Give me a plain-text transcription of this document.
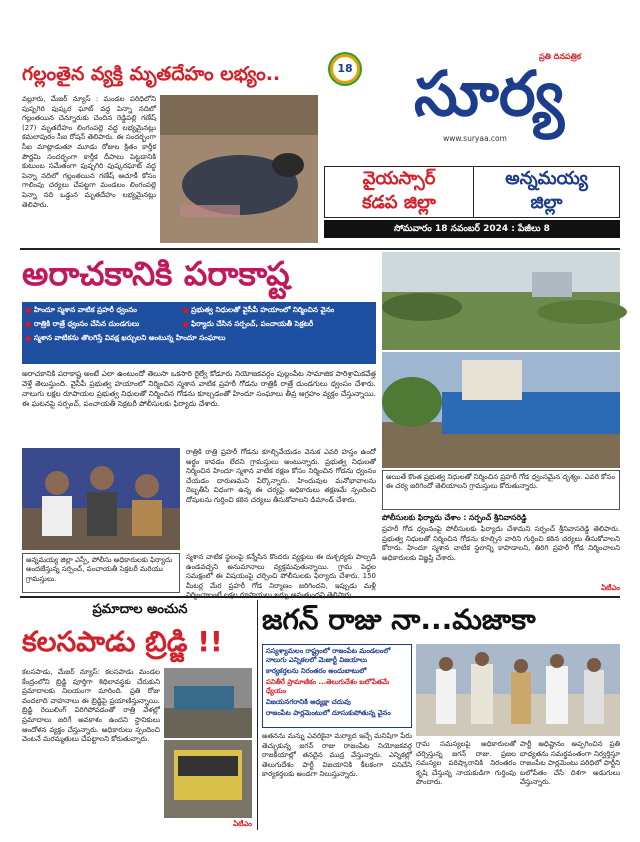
గల్లంతైన వ్యక్తి మృతదేహం లభ్యం..
వల్లూరు, మేజర్ న్యూస్ : మండల పరిధిలోని పుష్పగిరి పుష్కర ఘాట్ వద్ద పెన్నా నదిలో గల్లంతయిన చెన్నూరుకు చెందిన రెడ్డిపల్లి గణేష్ (27) మృతదేహం లింగంపల్లె వద్ద లభ్యమైనట్లు కమలాపురం సీఐ రోషన్ తెలిపారు. ఈ సందర్భంగా సీఐ మాట్లాడుతూ మూడు రోజుల క్రితం కార్తీక పౌర్ణమి సందర్భంగా కార్తీక దీపాలు పెట్టడానికి కుటుంబ సమేతంగా పుష్పగిరి పుష్కరఘాట్ వద్ద పెన్నా నదిలో గల్లంతయిన గణేష్ ఆచూకీ కోసం గాలింపు చర్యలు చేపట్టగా మండలం లింగంపల్లె పెన్నా నది ఒడ్డున మృతదేహం లభ్యమైనట్లు తెలిపారు.
18
ప్రతి దినపత్రిక
సూర్య
www.suryaa.com
వైయస్సార్
కడప జిల్లా
అన్నమయ్య
జిల్లా
సోమవారం 18 నవంబర్ 2024 : పేజీలు 8
అరాచకానికి పరాకాష్ట
హిందూ స్మశాన వాటిక ప్రహరీ ధ్వంసం	ప్రభుత్వ నిధులతో వైసీపీ హయాంలో నిర్మించిన వైనం
రాత్రికి రాత్రే ధ్వంసం చేసిన దుండగులు	ఫిర్యాదు చేసిన సర్పంచ్, పంచాయతీ సెక్రటరీ
స్మశాన వాటికను తొలగిస్తే వివక్ష ఖర్చులని అంటున్న హిందూ సంఘాలు
అరాచకానికి పరాకాష్ట అంటే ఎలా ఉంటుందో తెలుసా ఒకసారి రైల్వే కోడూరు నియోజకవర్గం పుల్లంపేట సామాజిక పారిశ్రామికవేత్త వెళ్తే తెలుస్తుంది. వైసీపీ ప్రభుత్వ హయాంలో నిర్మించిన స్మశాన వాటిక ప్రహరీ గోడను రాత్రికి రాత్రే దుండగులు ధ్వంసం చేశారు. నాలుగు లక్షల రూపాయల ప్రభుత్వ నిధులతో నిర్మించిన గోడను కూల్చడంతో హిందూ సంఘాలు తీవ్ర ఆగ్రహం వ్యక్తం చేస్తున్నాయి. ఈ ఘటనపై సర్పంచ్, పంచాయతీ సెక్రటరీ పోలీసులకు ఫిర్యాదు చేశారు.
రాత్రికి రాత్రి ప్రహరీ గోడను కూల్చివేయడం వెనుక ఎవరి హస్తం ఉందో అర్థం కావడం లేదని గ్రామస్తులు అంటున్నారు. ప్రభుత్వ నిధులతో నిర్మించిన హిందూ స్మశాన వాటిక రక్షణ కోసం నిర్మించిన గోడను ధ్వంసం చేయడం దారుణమని పేర్కొన్నారు. హిందువుల మనోభావాలను దెబ్బతీసే విధంగా ఉన్న ఈ చర్యపై అధికారులు తక్షణమే స్పందించి దోషులను గుర్తించి కఠిన చర్యలు తీసుకోవాలని డిమాండ్ చేశారు.
అన్నమయ్య జిల్లా ఎస్పీ, పోలీసు అధికారులకు ఫిర్యాదు అందజేస్తున్న సర్పంచ్, పంచాయతీ సెక్రటరీ మరియు గ్రామస్తులు.
స్మశాన వాటిక స్థలంపై కన్నేసిన కొందరు వ్యక్తులు ఈ దుశ్చర్యకు పాల్పడి ఉండవచ్చని అనుమానాలు వ్యక్తమవుతున్నాయి. గ్రామ పెద్దల సమక్షంలో ఈ విషయంపై చర్చించి పోలీసులకు ఫిర్యాదు చేశారు. 150 మీటర్ల మేర ప్రహరీ గోడ నిర్మాణం జరిగిందని, ఇప్పుడు మళ్లీ
అయితే కొంత ప్రభుత్వ నిధులతో నిర్మించిన ప్రహరీ గోడ ధ్వంసమైన దృశ్యం. ఎవరి కోసం ఈ చర్య జరిగిందో తెలియాలని గ్రామస్తులు కోరుతున్నారు.
పోలీసులకు ఫిర్యాదు చేశాం : సర్పంచ్ శ్రీనివాసరెడ్డి
ప్రహరీ గోడ ధ్వంసంపై పోలీసులకు ఫిర్యాదు చేశామని సర్పంచ్ శ్రీనివాసరెడ్డి తెలిపారు. ప్రభుత్వ నిధులతో నిర్మించిన గోడను కూల్చిన వారిని గుర్తించి కఠిన చర్యలు తీసుకోవాలని కోరారు. హిందూ స్మశాన వాటిక స్థలాన్ని కాపాడాలని, తిరిగి ప్రహరీ గోడ నిర్మించాలని అధికారులకు విజ్ఞప్తి చేశారు.
ఏటీఎం
ప్రమాదాల అంచున
కలసపాడు బ్రిడ్జి !!
కలసపాడు, మేజర్ న్యూస్: కలసపాడు మండల కేంద్రంలోని బ్రిడ్జి పూర్తిగా శిథిలావస్థకు చేరుకుని ప్రమాదాలకు నిలయంగా మారింది. ప్రతి రోజు వందలాది వాహనాలు ఈ బ్రిడ్జిపై ప్రయాణిస్తున్నాయి. బ్రిడ్జి రెయిలింగ్ విరిగిపోవడంతో రాత్రి వేళల్లో ప్రమాదాలు జరిగే అవకాశం ఉందని స్థానికులు ఆందోళన వ్యక్తం చేస్తున్నారు. అధికారులు స్పందించి వెంటనే మరమ్మతులు చేపట్టాలని కోరుతున్నారు.
ఏటీఎం
జగన్ రాజు నా...మజాకా
సస్యశ్యామలం రాష్ట్రంలో రాజంపేట మండలంలో నాలుగు ఎన్నికలలో మెజార్టీ విజయాలు
కార్యకర్తలను నిరంతరం అందుబాటులో
పనితీరే ప్రామాణికం ...తెలుగుదేశం బలోపేతమే ధ్యేయం
విజయనగరానికి అధ్యక్షా చదువు
రాజంపేట పార్లమెంటులో దూసుకుపోతున్న వైనం
అతనను మన్ను ఎవరికైనా మర్యాద ఇచ్చే మనిషిగా పేరు తెచ్చుకున్న జగన్ రాజు రాజంపేట నియోజకవర్గ రాజకీయాల్లో తనదైన ముద్ర వేస్తున్నారు. ఎన్నికల్లో తెలుగుదేశం పార్టీ విజయానికి కీలకంగా పనిచేసి కార్యకర్తలకు అండగా నిలుస్తున్నారు.
గ్రామ సమస్యలపై అధికారులతో చర్చిస్తున్న జగన్ రాజు. ప్రజల సమస్యల పరిష్కారానికి నిరంతరం కృషి చేస్తున్న నాయకుడిగా గుర్తింపు పొందారు.
పార్టీ అధిష్టానం అప్పగించిన ప్రతి బాధ్యతను సమర్థవంతంగా నిర్వర్తిస్తూ రాజంపేట పార్లమెంటు పరిధిలో పార్టీని బలోపేతం చేసే దిశగా అడుగులు వేస్తున్నారు.
